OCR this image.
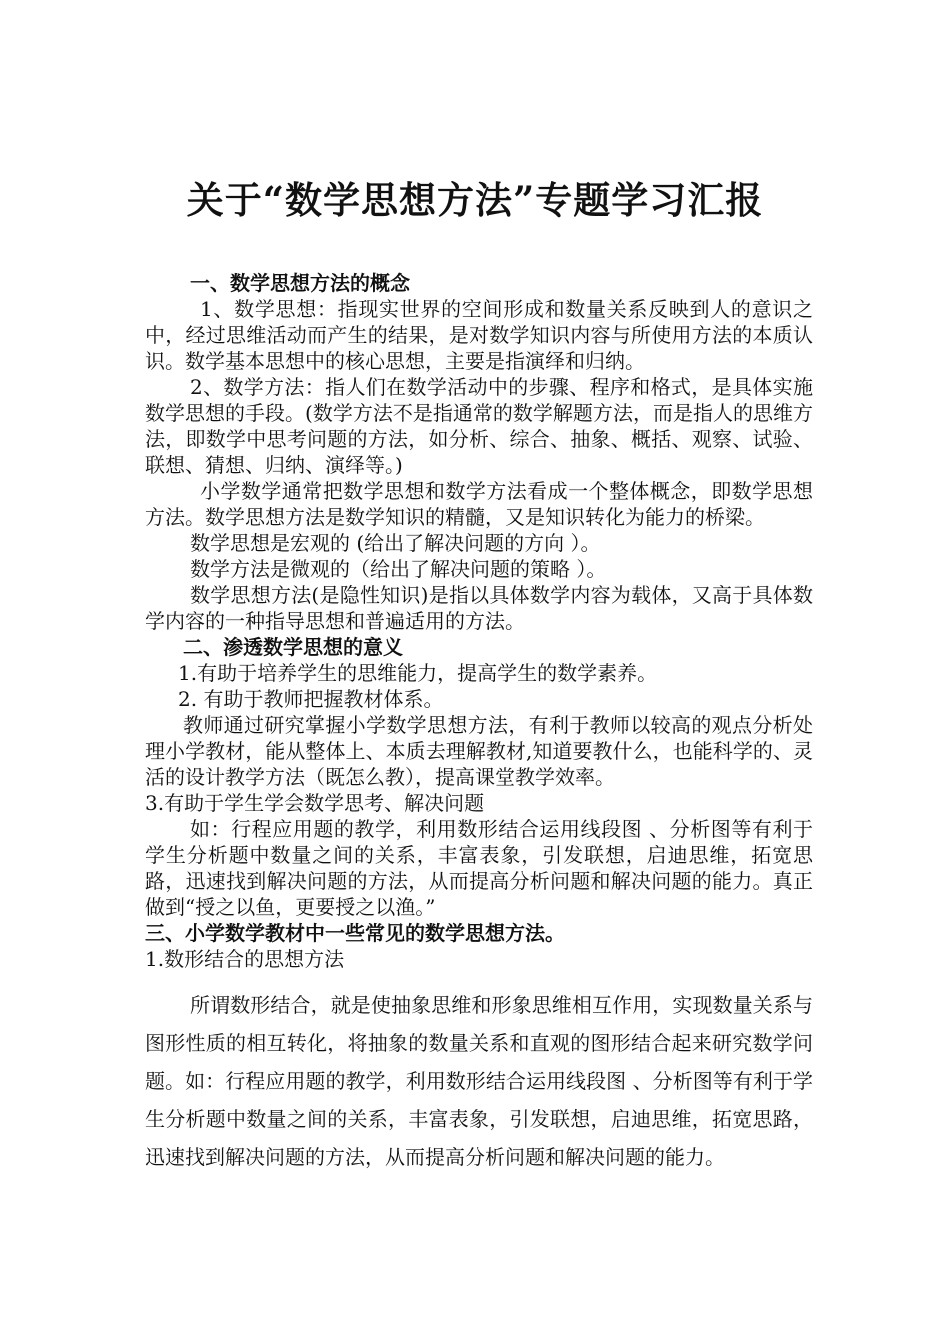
关于“数学思想方法”专题学习汇报

一、数学思想方法的概念

1、数学思想：指现实世界的空间形成和数量关系反映到人的意识之中，经过思维活动而产生的结果，是对数学知识内容与所使用方法的本质认识。数学基本思想中的核心思想，主要是指演绎和归纳。

2、数学方法：指人们在数学活动中的步骤、程序和格式，是具体实施数学思想的手段。(数学方法不是指通常的数学解题方法，而是指人的思维方法，即数学中思考问题的方法，如分析、综合、抽象、概括、观察、试验、联想、猜想、归纳、演绎等。)

小学数学通常把数学思想和数学方法看成一个整体概念，即数学思想方法。数学思想方法是数学知识的精髓，又是知识转化为能力的桥梁。

数学思想是宏观的 (给出了解决问题的方向 ）。

数学方法是微观的（给出了解决问题的策略 ）。

数学思想方法(是隐性知识)是指以具体数学内容为载体，又高于具体数学内容的一种指导思想和普遍适用的方法。

二、渗透数学思想的意义

1.有助于培养学生的思维能力，提高学生的数学素养。

2. 有助于教师把握教材体系。

教师通过研究掌握小学数学思想方法，有利于教师以较高的观点分析处理小学教材，能从整体上、本质去理解教材,知道要教什么，也能科学的、灵活的设计教学方法（既怎么教），提高课堂教学效率。

3.有助于学生学会数学思考、解决问题

如：行程应用题的教学，利用数形结合运用线段图 、分析图等有利于学生分析题中数量之间的关系，丰富表象，引发联想，启迪思维，拓宽思路，迅速找到解决问题的方法，从而提高分析问题和解决问题的能力。真正做到“授之以鱼，更要授之以渔。”

三、小学数学教材中一些常见的数学思想方法。

1.数形结合的思想方法

所谓数形结合，就是使抽象思维和形象思维相互作用，实现数量关系与图形性质的相互转化，将抽象的数量关系和直观的图形结合起来研究数学问题。如：行程应用题的教学，利用数形结合运用线段图 、分析图等有利于学生分析题中数量之间的关系，丰富表象，引发联想，启迪思维，拓宽思路，迅速找到解决问题的方法，从而提高分析问题和解决问题的能力。
